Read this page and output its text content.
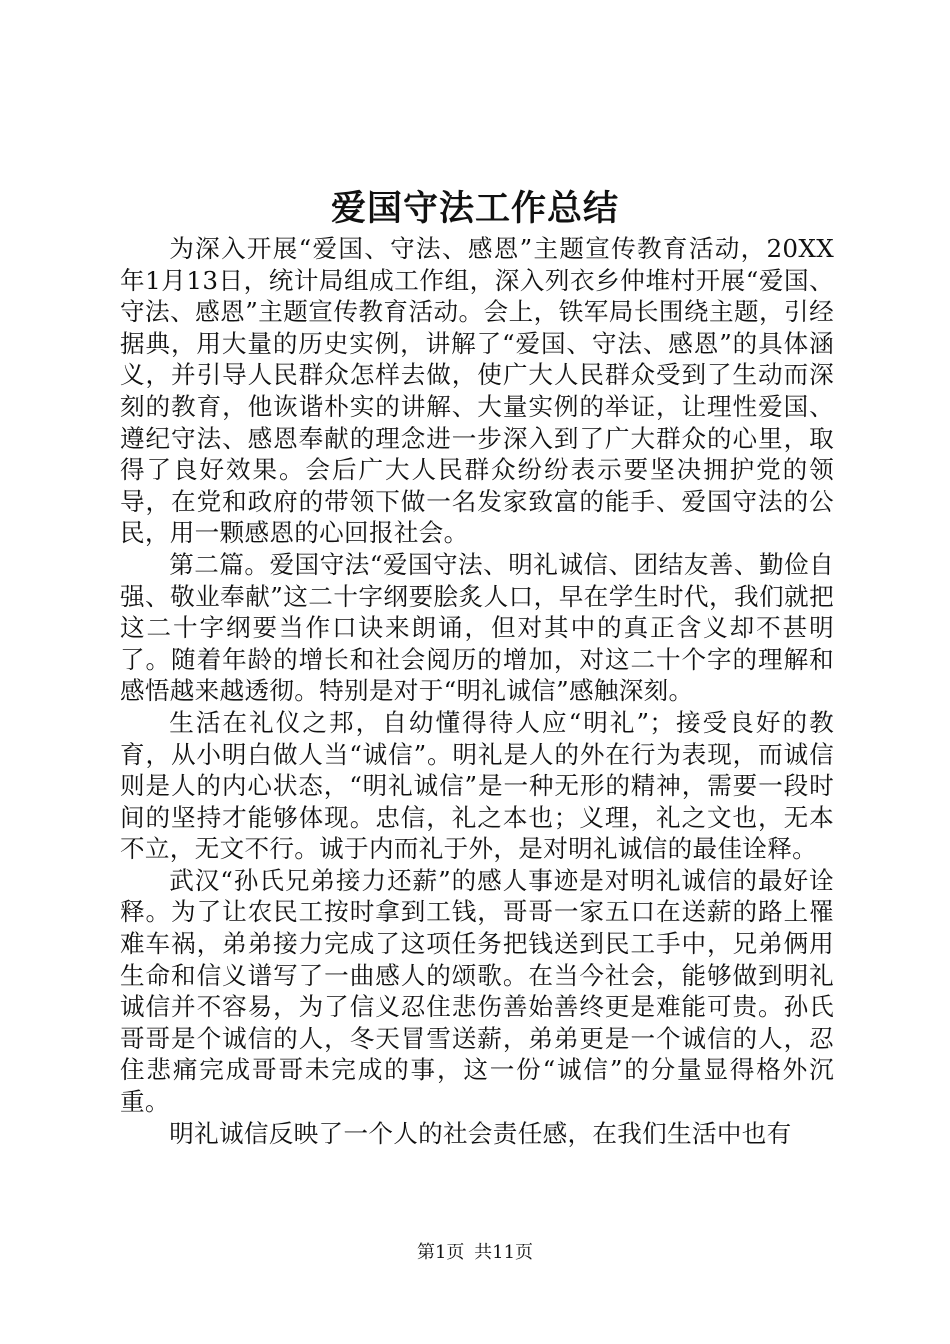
爱国守法工作总结

为深入开展“爱国、守法、感恩”主题宣传教育活动，20XX年1月13日，统计局组成工作组，深入列衣乡仲堆村开展“爱国、守法、感恩”主题宣传教育活动。会上，铁军局长围绕主题，引经据典，用大量的历史实例，讲解了“爱国、守法、感恩”的具体涵义，并引导人民群众怎样去做，使广大人民群众受到了生动而深刻的教育，他诙谐朴实的讲解、大量实例的举证，让理性爱国、遵纪守法、感恩奉献的理念进一步深入到了广大群众的心里，取得了良好效果。会后广大人民群众纷纷表示要坚决拥护党的领导，在党和政府的带领下做一名发家致富的能手、爱国守法的公民，用一颗感恩的心回报社会。

第二篇。爱国守法“爱国守法、明礼诚信、团结友善、勤俭自强、敬业奉献”这二十字纲要脍炙人口，早在学生时代，我们就把这二十字纲要当作口诀来朗诵，但对其中的真正含义却不甚明了。随着年龄的增长和社会阅历的增加，对这二十个字的理解和感悟越来越透彻。特别是对于“明礼诚信”感触深刻。

生活在礼仪之邦，自幼懂得待人应“明礼”；接受良好的教育，从小明白做人当“诚信”。明礼是人的外在行为表现，而诚信则是人的内心状态，“明礼诚信”是一种无形的精神，需要一段时间的坚持才能够体现。忠信，礼之本也；义理，礼之文也，无本不立，无文不行。诚于内而礼于外，是对明礼诚信的最佳诠释。

武汉“孙氏兄弟接力还薪”的感人事迹是对明礼诚信的最好诠释。为了让农民工按时拿到工钱，哥哥一家五口在送薪的路上罹难车祸，弟弟接力完成了这项任务把钱送到民工手中，兄弟俩用生命和信义谱写了一曲感人的颂歌。在当今社会，能够做到明礼诚信并不容易，为了信义忍住悲伤善始善终更是难能可贵。孙氏哥哥是个诚信的人，冬天冒雪送薪，弟弟更是一个诚信的人，忍住悲痛完成哥哥未完成的事，这一份“诚信”的分量显得格外沉重。

明礼诚信反映了一个人的社会责任感，在我们生活中也有

第1页 共11页
